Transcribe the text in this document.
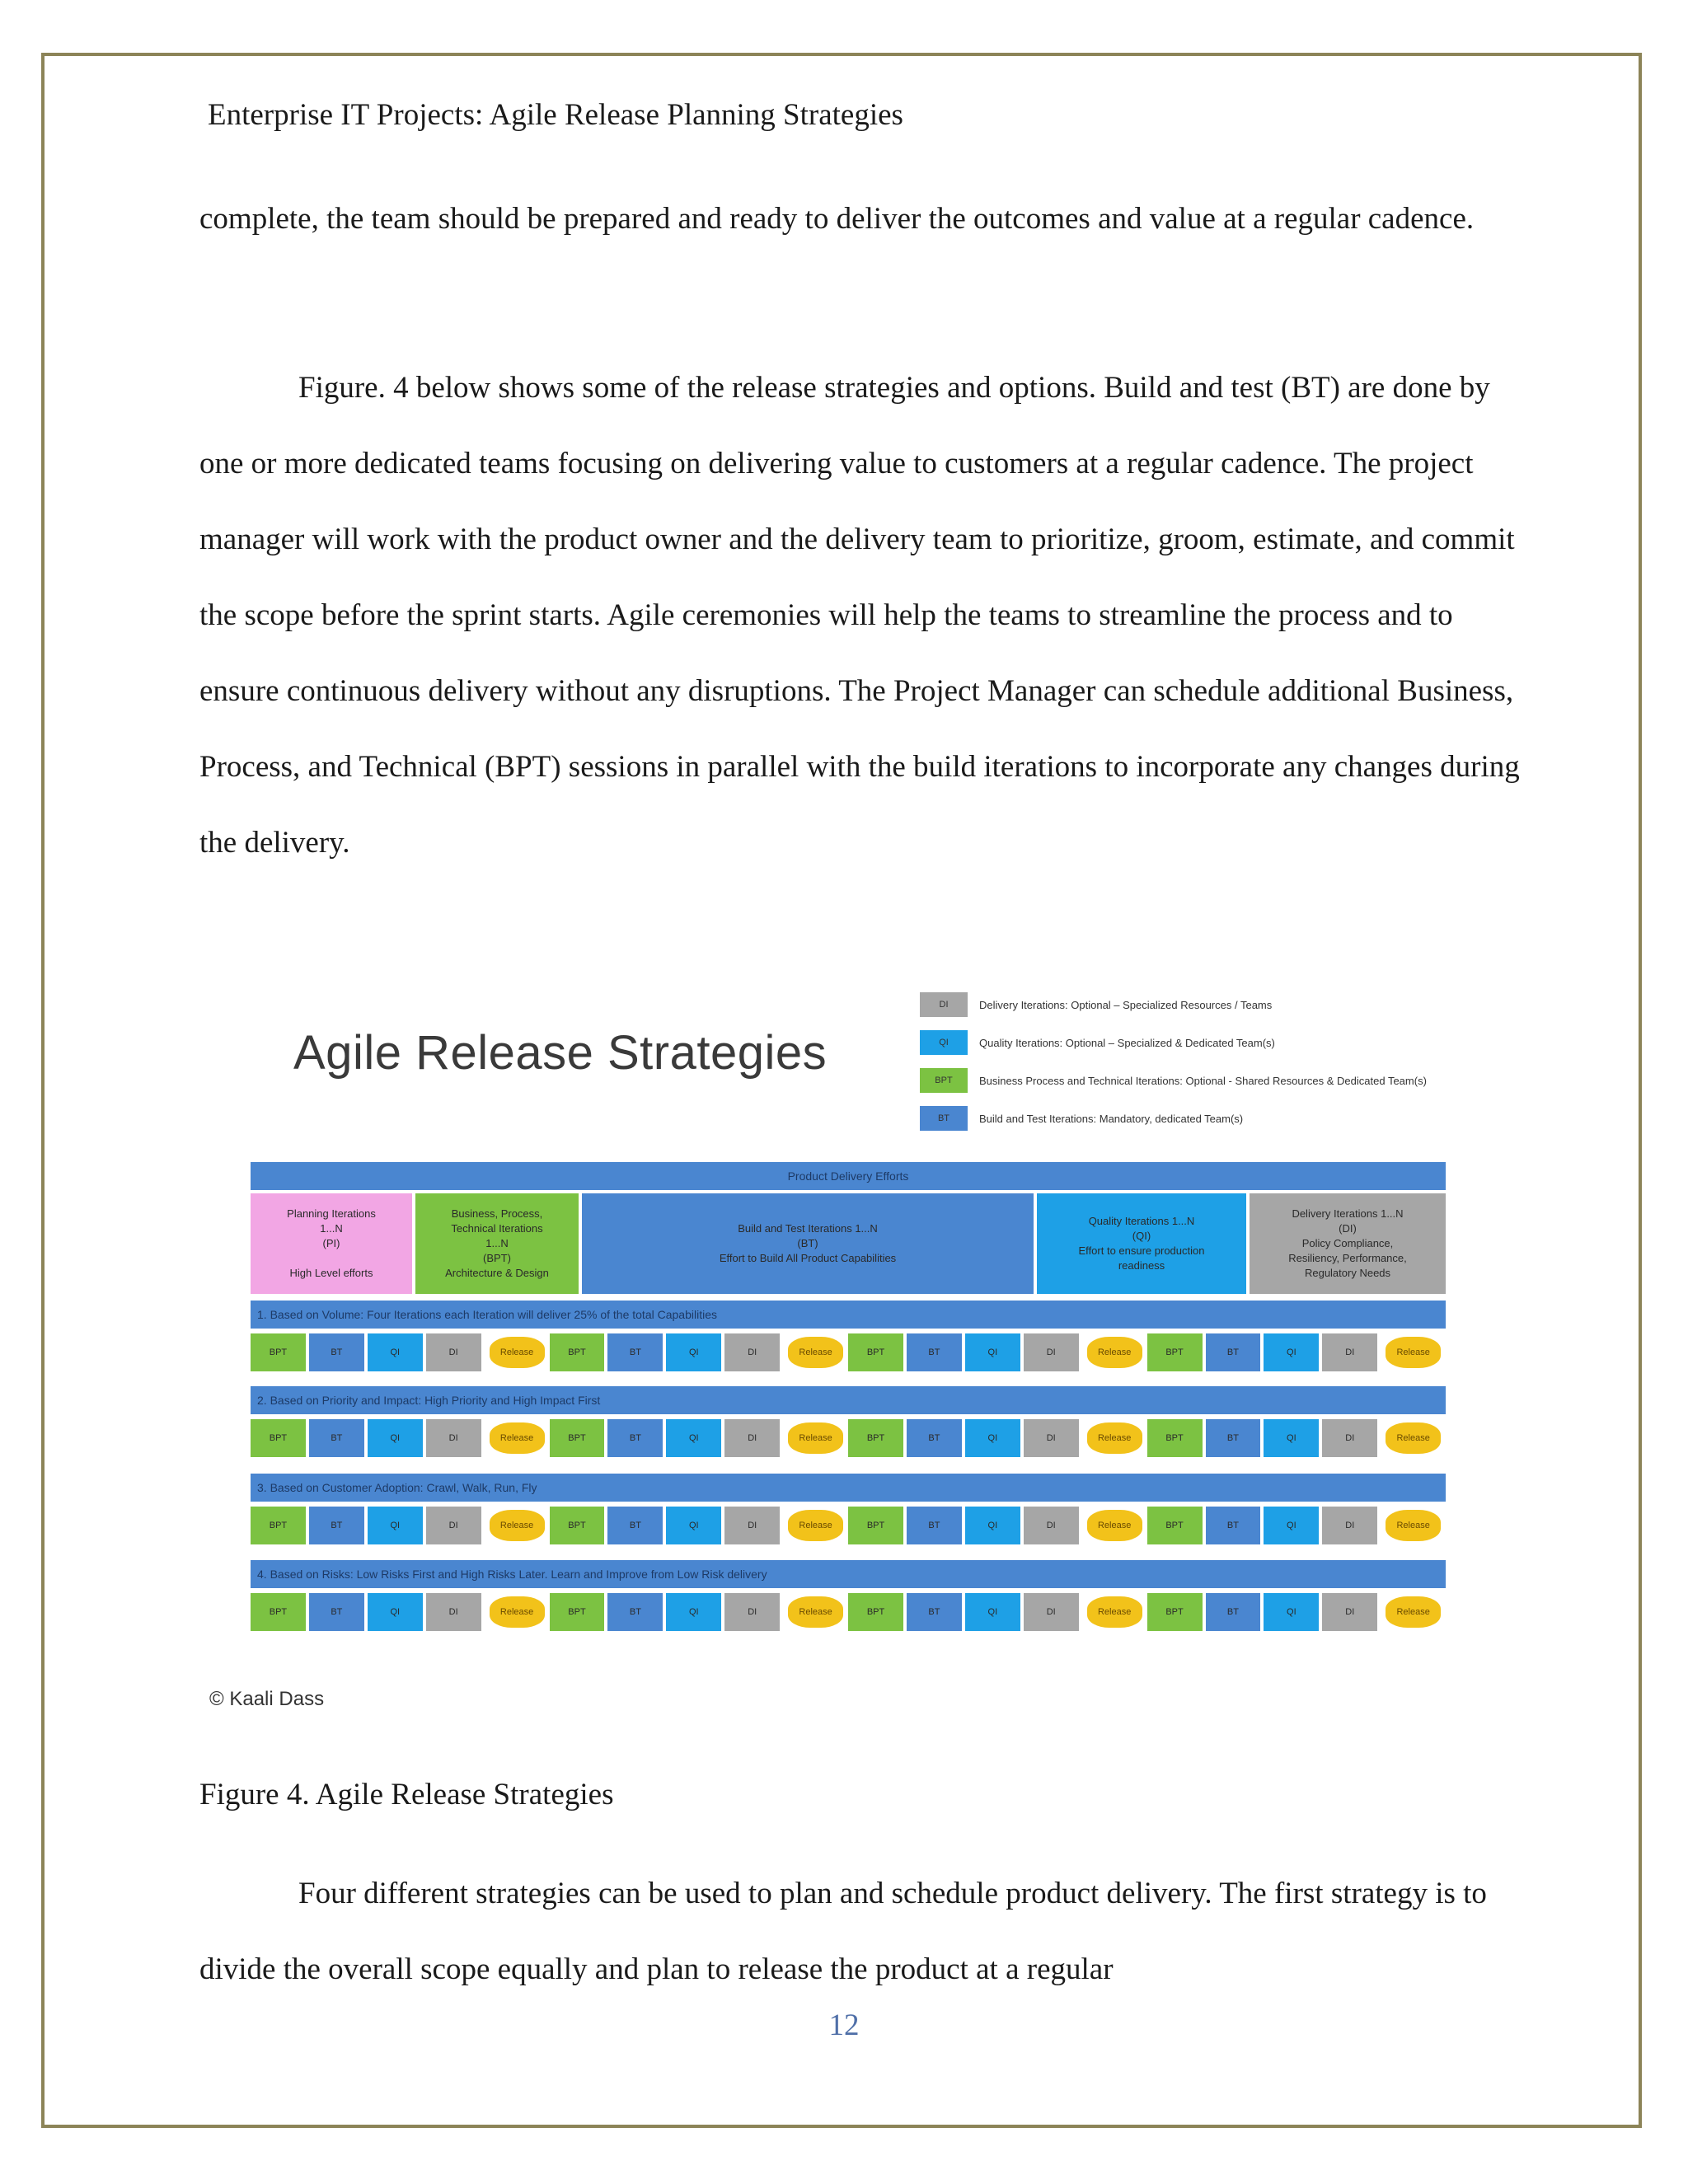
Enterprise IT Projects: Agile Release Planning Strategies

complete, the team should be prepared and ready to deliver the outcomes and value at a regular cadence.

Figure. 4 below shows some of the release strategies and options. Build and test (BT) are done by one or more dedicated teams focusing on delivering value to customers at a regular cadence. The project manager will work with the product owner and the delivery team to prioritize, groom, estimate, and commit the scope before the sprint starts. Agile ceremonies will help the teams to streamline the process and to ensure continuous delivery without any disruptions. The Project Manager can schedule additional Business, Process, and Technical (BPT) sessions in parallel with the build iterations to incorporate any changes during the delivery.

Agile Release Strategies
DI	Delivery Iterations: Optional – Specialized Resources / Teams
QI	Quality Iterations: Optional – Specialized & Dedicated Team(s)
BPT	Business Process and Technical Iterations: Optional - Shared Resources & Dedicated Team(s)
BT	Build and Test Iterations: Mandatory, dedicated Team(s)
Product Delivery Efforts
Planning Iterations
1...N
(PI)

High Level efforts
Business, Process,
Technical Iterations
1...N
(BPT)
Architecture & Design
Build and Test Iterations 1...N
(BT)
Effort to Build All Product Capabilities
Quality Iterations 1...N
(QI)
Effort to ensure production
readiness
Delivery Iterations 1...N
(DI)
Policy Compliance,
Resiliency, Performance,
Regulatory Needs
1. Based on Volume: Four Iterations each Iteration will deliver 25% of the total Capabilities
BPT	BT	QI	DI	Release	BPT	BT	QI	DI	Release	BPT	BT	QI	DI	Release	BPT	BT	QI	DI	Release
2. Based on Priority and Impact: High Priority and High Impact First
BPT	BT	QI	DI	Release	BPT	BT	QI	DI	Release	BPT	BT	QI	DI	Release	BPT	BT	QI	DI	Release
3. Based on Customer Adoption: Crawl, Walk, Run, Fly
BPT	BT	QI	DI	Release	BPT	BT	QI	DI	Release	BPT	BT	QI	DI	Release	BPT	BT	QI	DI	Release
4. Based on Risks: Low Risks First and High Risks Later. Learn and Improve from Low Risk delivery
BPT	BT	QI	DI	Release	BPT	BT	QI	DI	Release	BPT	BT	QI	DI	Release	BPT	BT	QI	DI	Release
© Kaali Dass
Figure 4. Agile Release Strategies

Four different strategies can be used to plan and schedule product delivery. The first strategy is to divide the overall scope equally and plan to release the product at a regular

12
